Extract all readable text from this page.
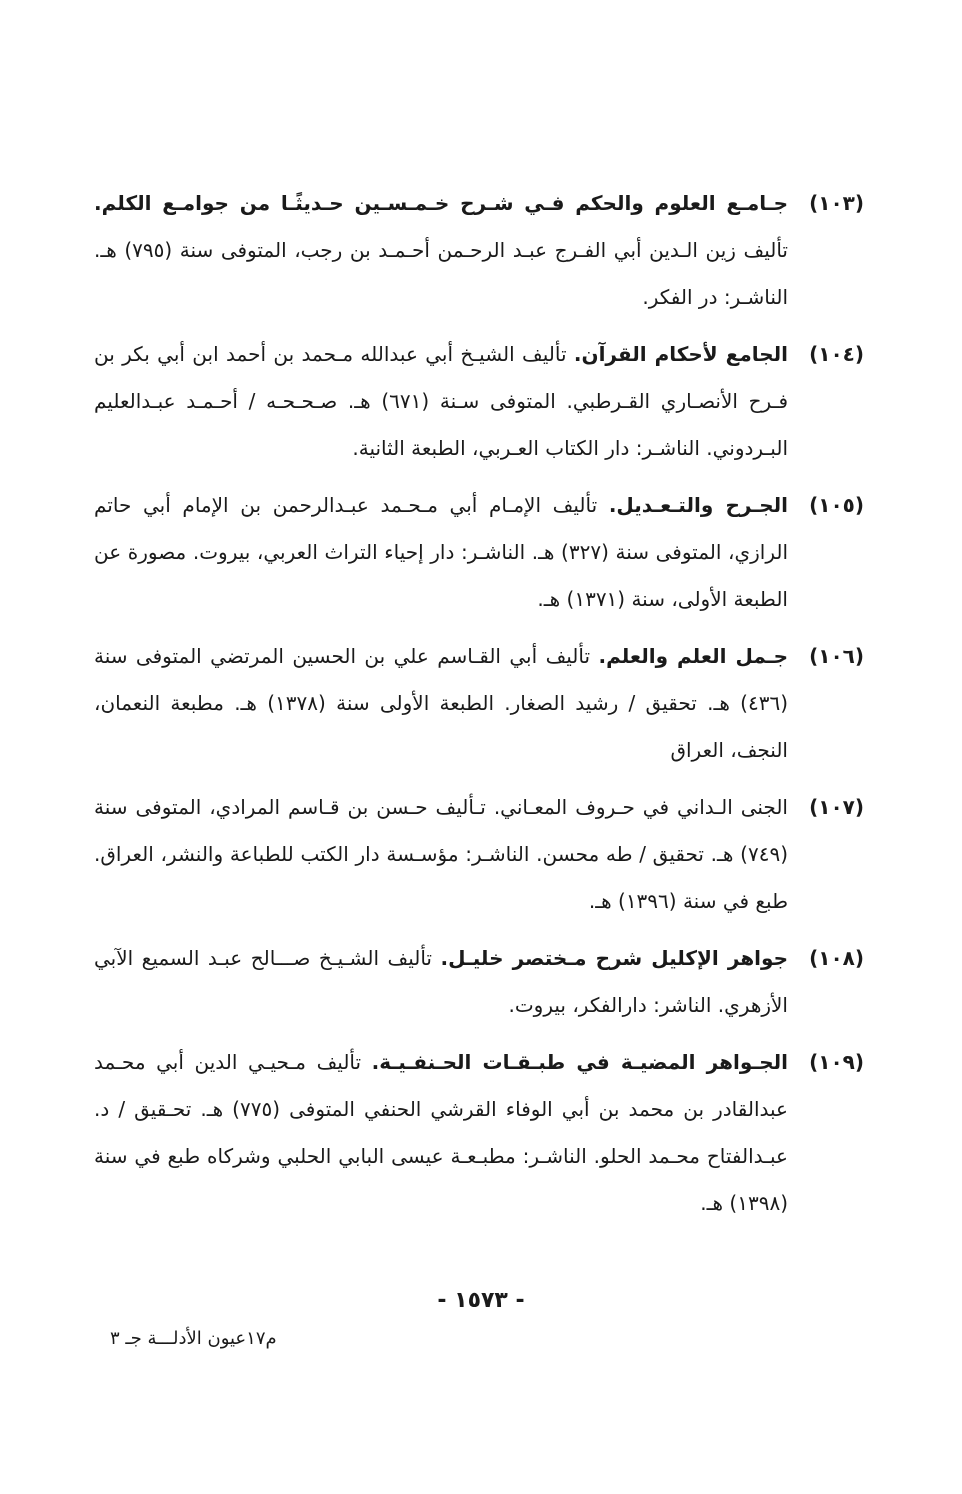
(١٠٣)
جـامـع العلوم والحكم فـي شـرح خـمـسـين حـديثًـا من جوامـع الكلم. تأليف زين الـدين أبي الفـرج عبـد الرحـمن أحـمـد بن رجب، المتوفى سنة (٧٩٥) هـ. الناشـر: در الفكر.
(١٠٤)
الجامع لأحكام القرآن. تأليف الشيـخ أبي عبدالله مـحمد بن أحمد ابن أبي بكر بن فـرح الأنصـاري القـرطبي. المتوفى سـنة (٦٧١) هـ. صـحـحـه / أحـمـد عبـدالعليم البـردوني. الناشـر: دار الكتاب العـربي، الطبعة الثانية.
(١٠٥)
الجـرح والتـعـديل. تأليف الإمـام أبي مـحـمد عبـدالرحمن بن الإمام أبي حاتم الرازي، المتوفى سنة (٣٢٧) هـ. الناشـر: دار إحياء التراث العربي، بيروت. مصورة عن الطبعة الأولى، سنة (١٣٧١) هـ.
(١٠٦)
جـمل العلم والعلم. تأليف أبي القـاسم علي بن الحسين المرتضي المتوفى سنة (٤٣٦) هـ. تحقيق / رشيد الصغار. الطبعة الأولى سنة (١٣٧٨) هـ. مطبعة النعمان، النجف، العراق
(١٠٧)
الجنى الـداني في حـروف المعـاني. تـأليف حـسن بن قـاسم المرادي، المتوفى سنة (٧٤٩) هـ. تحقيق / طه محسن. الناشـر: مؤسـسة دار الكتب للطباعة والنشر، العراق. طبع في سنة (١٣٩٦) هـ.
(١٠٨)
جواهر الإكليل شرح مـختصر خليـل. تأليف الشـيـخ صـــالح عبـد السميع الآبي الأزهري. الناشر: دارالفكر، بيروت.
(١٠٩)
الجـواهر المضيـة في طبـقـات الحـنفـيـة. تأليف مـحيـي الدين أبي محـمد عبدالقادر بن محمد بن أبي الوفاء القرشي الحنفي المتوفى (٧٧٥) هـ. تحـقيق / د. عبـدالفتاح محـمد الحلو. الناشـر: مطبـعـة عيسى البابي الحلبي وشركاه طبع في سنة (١٣٩٨) هـ.
- ١٥٧٣ -
م١٧عيون الأدلـــة جـ ٣
